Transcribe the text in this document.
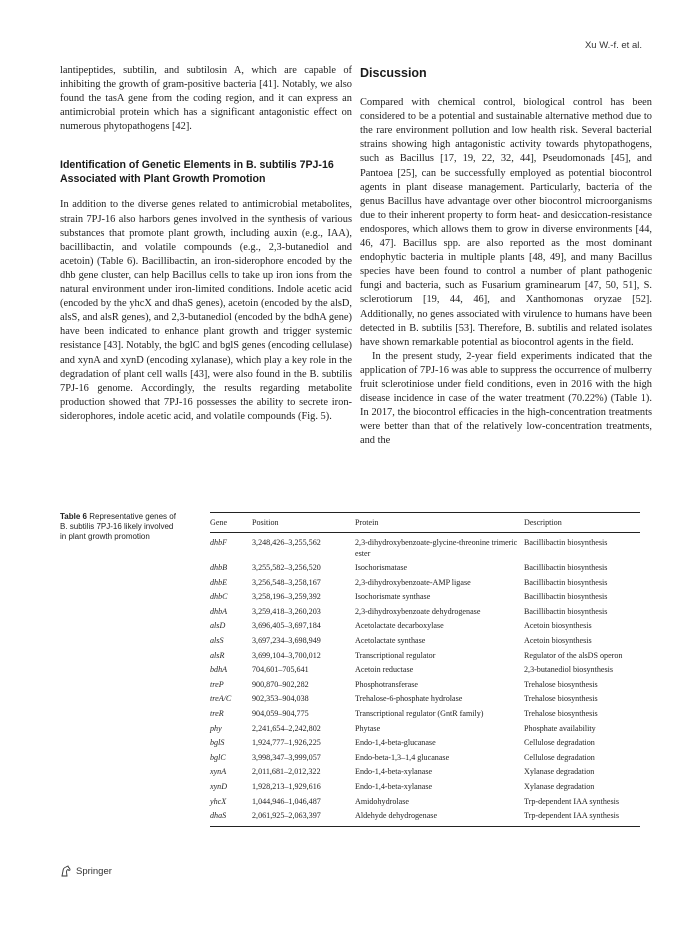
Xu W.-f. et al.

lantipeptides, subtilin, and subtilosin A, which are capable of inhibiting the growth of gram-positive bacteria [41]. Notably, we also found the tasA gene from the coding region, and it can express an antimicrobial protein which has a significant antagonistic effect on numerous phytopathogens [42].

Identification of Genetic Elements in B. subtilis 7PJ-16 Associated with Plant Growth Promotion

In addition to the diverse genes related to antimicrobial metabolites, strain 7PJ-16 also harbors genes involved in the synthesis of various substances that promote plant growth, including auxin (e.g., IAA), bacillibactin, and volatile compounds (e.g., 2,3-butanediol and acetoin) (Table 6). Bacillibactin, an iron-siderophore encoded by the dhb gene cluster, can help Bacillus cells to take up iron ions from the natural environment under iron-limited conditions. Indole acetic acid (encoded by the yhcX and dhaS genes), acetoin (encoded by the alsD, alsS, and alsR genes), and 2,3-butanediol (encoded by the bdhA gene) have been indicated to enhance plant growth and trigger systemic resistance [43]. Notably, the bglC and bglS genes (encoding cellulase) and xynA and xynD (encoding xylanase), which play a key role in the degradation of plant cell walls [43], were also found in the B. subtilis 7PJ-16 genome. Accordingly, the results regarding metabolite production showed that 7PJ-16 possesses the ability to secrete iron-siderophores, indole acetic acid, and volatile compounds (Fig. 5).

Discussion

Compared with chemical control, biological control has been considered to be a potential and sustainable alternative method due to the rare environment pollution and low health risk. Several bacterial strains showing high antagonistic activity towards phytopathogens, such as Bacillus [17, 19, 22, 32, 44], Pseudomonads [45], and Pantoea [25], can be successfully employed as potential biocontrol agents in plant disease management. Particularly, bacteria of the genus Bacillus have advantage over other biocontrol microorganisms due to their inherent property to form heat- and desiccation-resistance endospores, which allows them to grow in diverse environments [44, 46, 47]. Bacillus spp. are also reported as the most dominant endophytic bacteria in multiple plants [48, 49], and many Bacillus species have been found to control a number of plant pathogenic fungi and bacteria, such as Fusarium graminearum [47, 50, 51], S. sclerotiorum [19, 44, 46], and Xanthomonas oryzae [52]. Additionally, no genes associated with virulence to humans have been detected in B. subtilis [53]. Therefore, B. subtilis and related isolates have shown remarkable potential as biocontrol agents in the field.

In the present study, 2-year field experiments indicated that the application of 7PJ-16 was able to suppress the occurrence of mulberry fruit sclerotiniose under field conditions, even in 2016 with the high disease incidence in case of the water treatment (70.22%) (Table 1). In 2017, the biocontrol efficacies in the high-concentration treatments were better than that of the relatively low-concentration treatments, and the

Table 6 Representative genes of B. subtilis 7PJ-16 likely involved in plant growth promotion
Gene	Position	Protein	Description
dhbF	3,248,426–3,255,562	2,3-dihydroxybenzoate-glycine-threonine trimeric ester	Bacillibactin biosynthesis
dhbB	3,255,582–3,256,520	Isochorismatase	Bacillibactin biosynthesis
dhbE	3,256,548–3,258,167	2,3-dihydroxybenzoate-AMP ligase	Bacillibactin biosynthesis
dhbC	3,258,196–3,259,392	Isochorismate synthase	Bacillibactin biosynthesis
dhbA	3,259,418–3,260,203	2,3-dihydroxybenzoate dehydrogenase	Bacillibactin biosynthesis
alsD	3,696,405–3,697,184	Acetolactate decarboxylase	Acetoin biosynthesis
alsS	3,697,234–3,698,949	Acetolactate synthase	Acetoin biosynthesis
alsR	3,699,104–3,700,012	Transcriptional regulator	Regulator of the alsDS operon
bdhA	704,601–705,641	Acetoin reductase	2,3-butanediol biosynthesis
treP	900,870–902,282	Phosphotransferase	Trehalose biosynthesis
treA/C	902,353–904,038	Trehalose-6-phosphate hydrolase	Trehalose biosynthesis
treR	904,059–904,775	Transcriptional regulator (GntR family)	Trehalose biosynthesis
phy	2,241,654–2,242,802	Phytase	Phosphate availability
bglS	1,924,777–1,926,225	Endo-1,4-beta-glucanase	Cellulose degradation
bglC	3,998,347–3,999,057	Endo-beta-1,3–1,4 glucanase	Cellulose degradation
xynA	2,011,681–2,012,322	Endo-1,4-beta-xylanase	Xylanase degradation
xynD	1,928,213–1,929,616	Endo-1,4-beta-xylanase	Xylanase degradation
yhcX	1,044,946–1,046,487	Amidohydrolase	Trp-dependent IAA synthesis
dhaS	2,061,925–2,063,397	Aldehyde dehydrogenase	Trp-dependent IAA synthesis
Springer
